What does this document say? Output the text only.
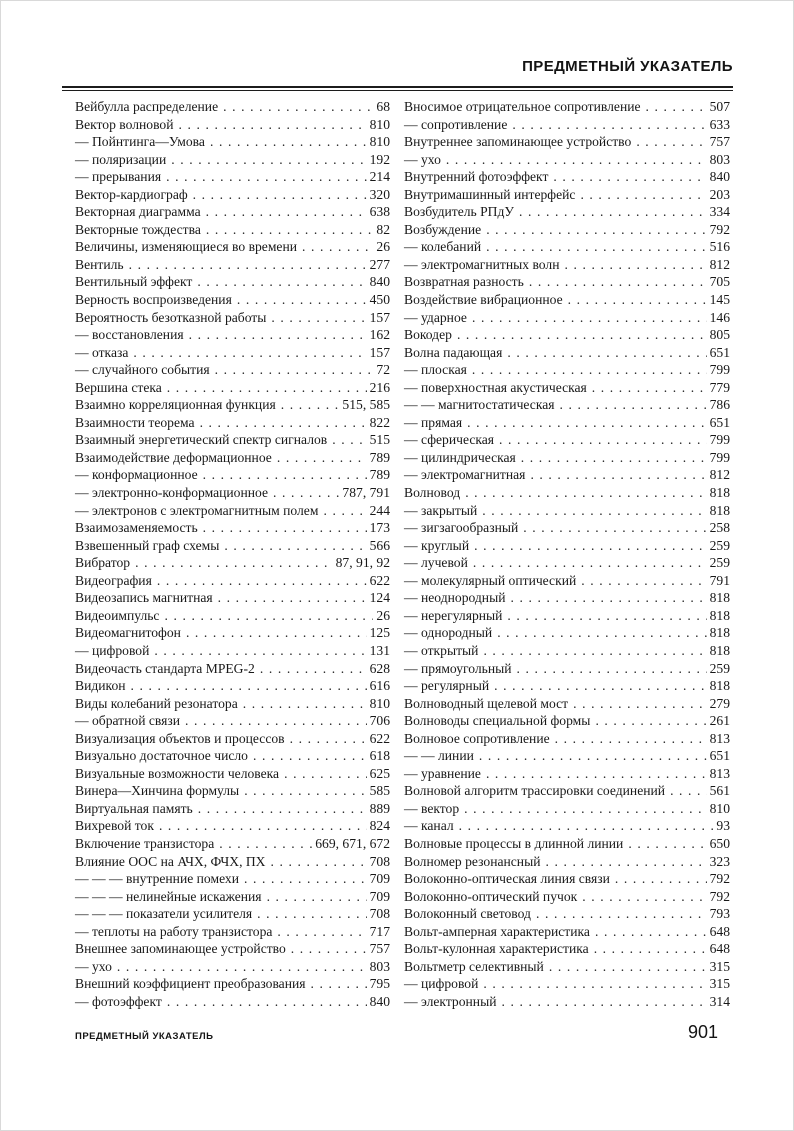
ПРЕДМЕТНЫЙ УКАЗАТЕЛЬ
Вейбулла распределение . . .	68
Вектор волновой . . .	810
— Пойнтинга—Умова . . .	810
— поляризации . . .	192
— прерывания . . .	214
Вектор-кардиограф . . .	320
Векторная диаграмма . . .	638
Векторные тождества . . .	82
Величины, изменяющиеся во времени . . .	26
Вентиль . . .	277
Вентильный эффект . . .	840
Верность воспроизведения . . .	450
Вероятность безотказной работы . . .	157
— восстановления . . .	162
— отказа . . .	157
— случайного события . . .	72
Вершина стека . . .	216
Взаимно корреляционная функция . . .	515, 585
Взаимности теорема . . .	822
Взаимный энергетический спектр сигналов . . .	515
Взаимодействие деформационное . . .	789
— конформационное . . .	789
— электронно-конформационное . . .	787, 791
— электронов с электромагнитным полем . . .	244
Взаимозаменяемость . . .	173
Взвешенный граф схемы . . .	566
Вибратор . . .	87, 91, 92
Видеография . . .	622
Видеозапись магнитная . . .	124
Видеоимпульс . . .	26
Видеомагнитофон . . .	125
— цифровой . . .	131
Видеочасть стандарта MPEG-2 . . .	628
Видикон . . .	616
Виды колебаний резонатора . . .	810
— обратной связи . . .	706
Визуализация объектов и процессов . . .	622
Визуально достаточное число . . .	618
Визуальные возможности человека . . .	625
Винера—Хинчина формулы . . .	585
Виртуальная память . . .	889
Вихревой ток . . .	824
Включение транзистора . . .	669, 671, 672
Влияние ООС на АЧХ, ФЧХ, ПХ . . .	708
— — — внутренние помехи . . .	709
— — — нелинейные искажения . . .	709
— — — показатели усилителя . . .	708
— теплоты на работу транзистора . . .	717
Внешнее запоминающее устройство . . .	757
— ухо . . .	803
Внешний коэффициент преобразования . . .	795
— фотоэффект . . .	840
Вносимое отрицательное сопротивление . . .	507
— сопротивление . . .	633
Внутреннее запоминающее устройство . . .	757
— ухо . . .	803
Внутренний фотоэффект . . .	840
Внутримашинный интерфейс . . .	203
Возбудитель РПдУ . . .	334
Возбуждение . . .	792
— колебаний . . .	516
— электромагнитных волн . . .	812
Возвратная разность . . .	705
Воздействие вибрационное . . .	145
— ударное . . .	146
Вокодер . . .	805
Волна падающая . . .	651
— плоская . . .	799
— поверхностная акустическая . . .	779
— — магнитостатическая . . .	786
— прямая . . .	651
— сферическая . . .	799
— цилиндрическая . . .	799
— электромагнитная . . .	812
Волновод . . .	818
— закрытый . . .	818
— зигзагообразный . . .	258
— круглый . . .	259
— лучевой . . .	259
— молекулярный оптический . . .	791
— неоднородный . . .	818
— нерегулярный . . .	818
— однородный . . .	818
— открытый . . .	818
— прямоугольный . . .	259
— регулярный . . .	818
Волноводный щелевой мост . . .	279
Волноводы специальной формы . . .	261
Волновое сопротивление . . .	813
— — линии . . .	651
— уравнение . . .	813
Волновой алгоритм трассировки соединений . . .	561
— вектор . . .	810
— канал . . .	93
Волновые процессы в длинной линии . . .	650
Волномер резонансный . . .	323
Волоконно-оптическая линия связи . . .	792
Волоконно-оптический пучок . . .	792
Волоконный световод . . .	793
Вольт-амперная характеристика . . .	648
Вольт-кулонная характеристика . . .	648
Вольтметр селективный . . .	315
— цифровой . . .	315
— электронный . . .	314
ПРЕДМЕТНЫЙ УКАЗАТЕЛЬ	901
